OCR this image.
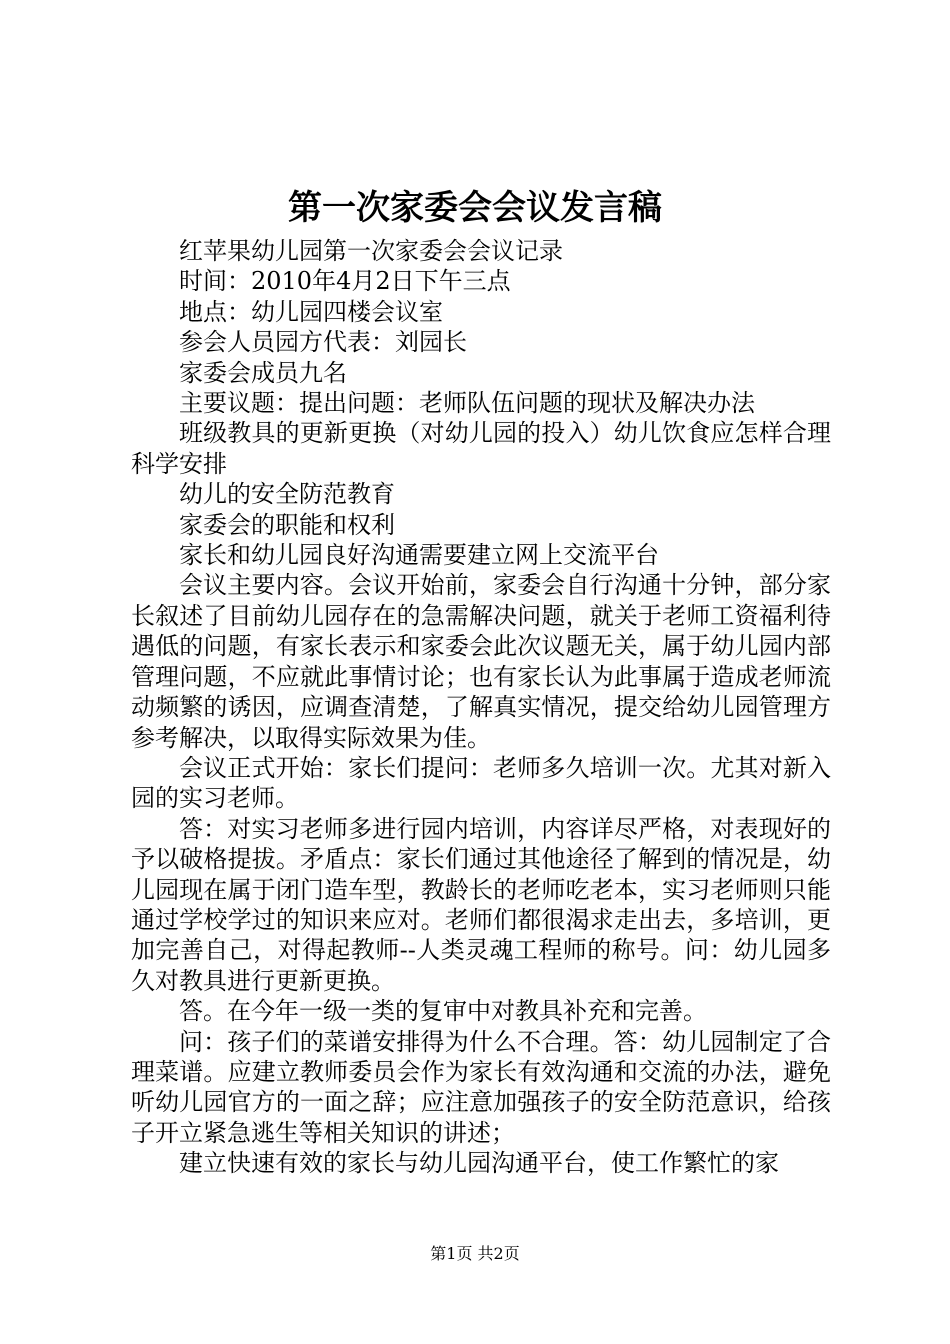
第一次家委会会议发言稿

红苹果幼儿园第一次家委会会议记录

时间：2010年4月2日下午三点

地点：幼儿园四楼会议室

参会人员园方代表：刘园长

家委会成员九名

主要议题：提出问题：老师队伍问题的现状及解决办法

班级教具的更新更换（对幼儿园的投入）幼儿饮食应怎样合理科学安排

幼儿的安全防范教育

家委会的职能和权利

家长和幼儿园良好沟通需要建立网上交流平台

会议主要内容。会议开始前，家委会自行沟通十分钟，部分家长叙述了目前幼儿园存在的急需解决问题，就关于老师工资福利待遇低的问题，有家长表示和家委会此次议题无关，属于幼儿园内部管理问题，不应就此事情讨论；也有家长认为此事属于造成老师流动频繁的诱因，应调查清楚，了解真实情况，提交给幼儿园管理方参考解决，以取得实际效果为佳。

会议正式开始：家长们提问：老师多久培训一次。尤其对新入园的实习老师。

答：对实习老师多进行园内培训，内容详尽严格，对表现好的予以破格提拔。矛盾点：家长们通过其他途径了解到的情况是，幼儿园现在属于闭门造车型，教龄长的老师吃老本，实习老师则只能通过学校学过的知识来应对。老师们都很渴求走出去，多培训，更加完善自己，对得起教师--人类灵魂工程师的称号。问：幼儿园多久对教具进行更新更换。

答。在今年一级一类的复审中对教具补充和完善。

问：孩子们的菜谱安排得为什么不合理。答：幼儿园制定了合理菜谱。应建立教师委员会作为家长有效沟通和交流的办法，避免听幼儿园官方的一面之辞；应注意加强孩子的安全防范意识，给孩子开立紧急逃生等相关知识的讲述；

建立快速有效的家长与幼儿园沟通平台，使工作繁忙的家

第1页 共2页
